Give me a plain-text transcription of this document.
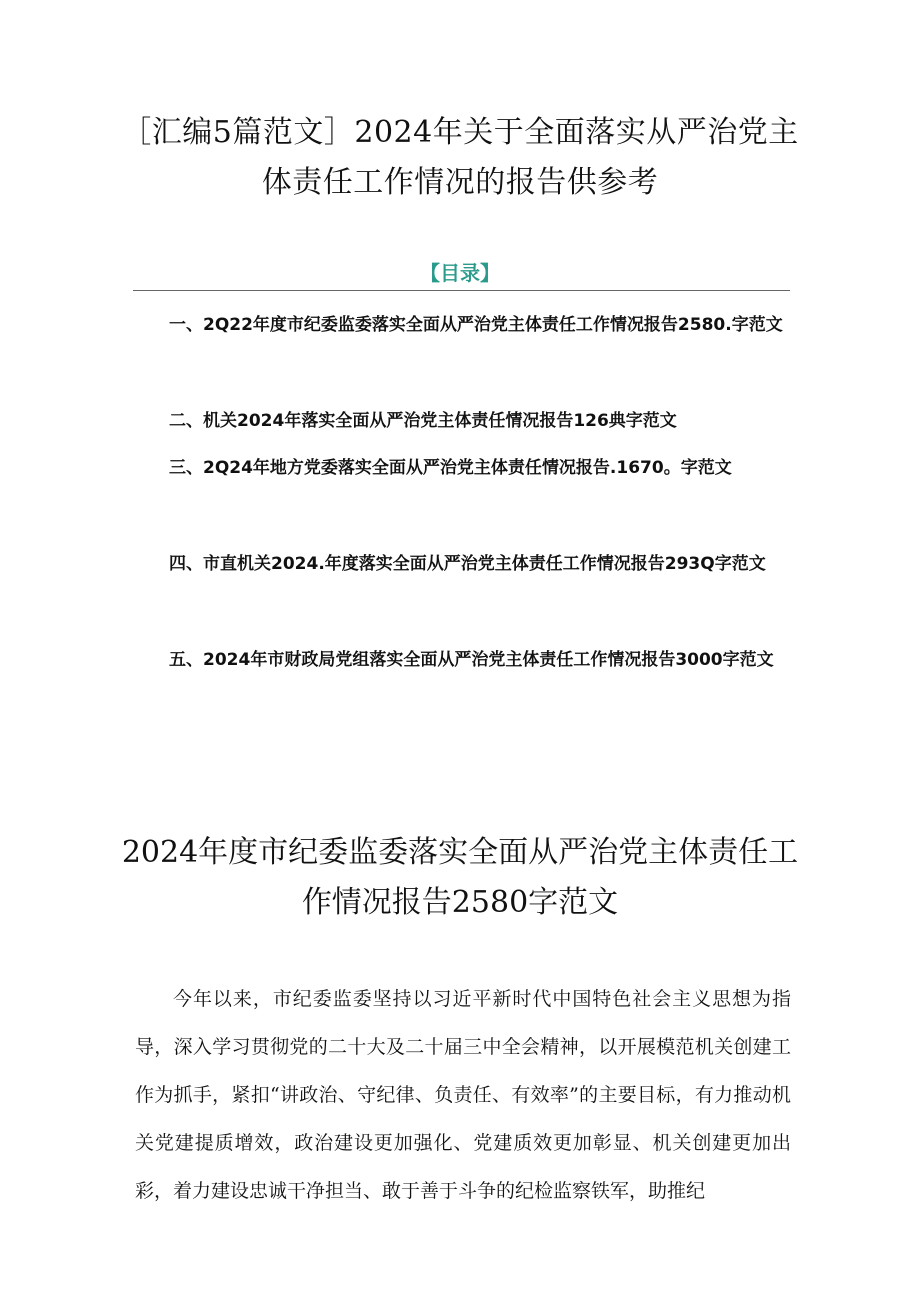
［汇编5篇范文］2024年关于全面落实从严治党主体责任工作情况的报告供参考
【目录】

一、2Q22年度市纪委监委落实全面从严治党主体责任工作情况报告2580.字范文

二、机关2024年落实全面从严治党主体责任情况报告126典字范文

三、2Q24年地方党委落实全面从严治党主体责任情况报告.1670。字范文

四、市直机关2024.年度落实全面从严治党主体责任工作情况报告293Q字范文

五、2024年市财政局党组落实全面从严治党主体责任工作情况报告3000字范文

2024年度市纪委监委落实全面从严治党主体责任工作情况报告2580字范文

今年以来，市纪委监委坚持以习近平新时代中国特色社会主义思想为指导，深入学习贯彻党的二十大及二十届三中全会精神，以开展模范机关创建工作为抓手，紧扣“讲政治、守纪律、负责任、有效率”的主要目标，有力推动机关党建提质增效，政治建设更加强化、党建质效更加彰显、机关创建更加出彩，着力建设忠诚干净担当、敢于善于斗争的纪检监察铁军，助推纪
